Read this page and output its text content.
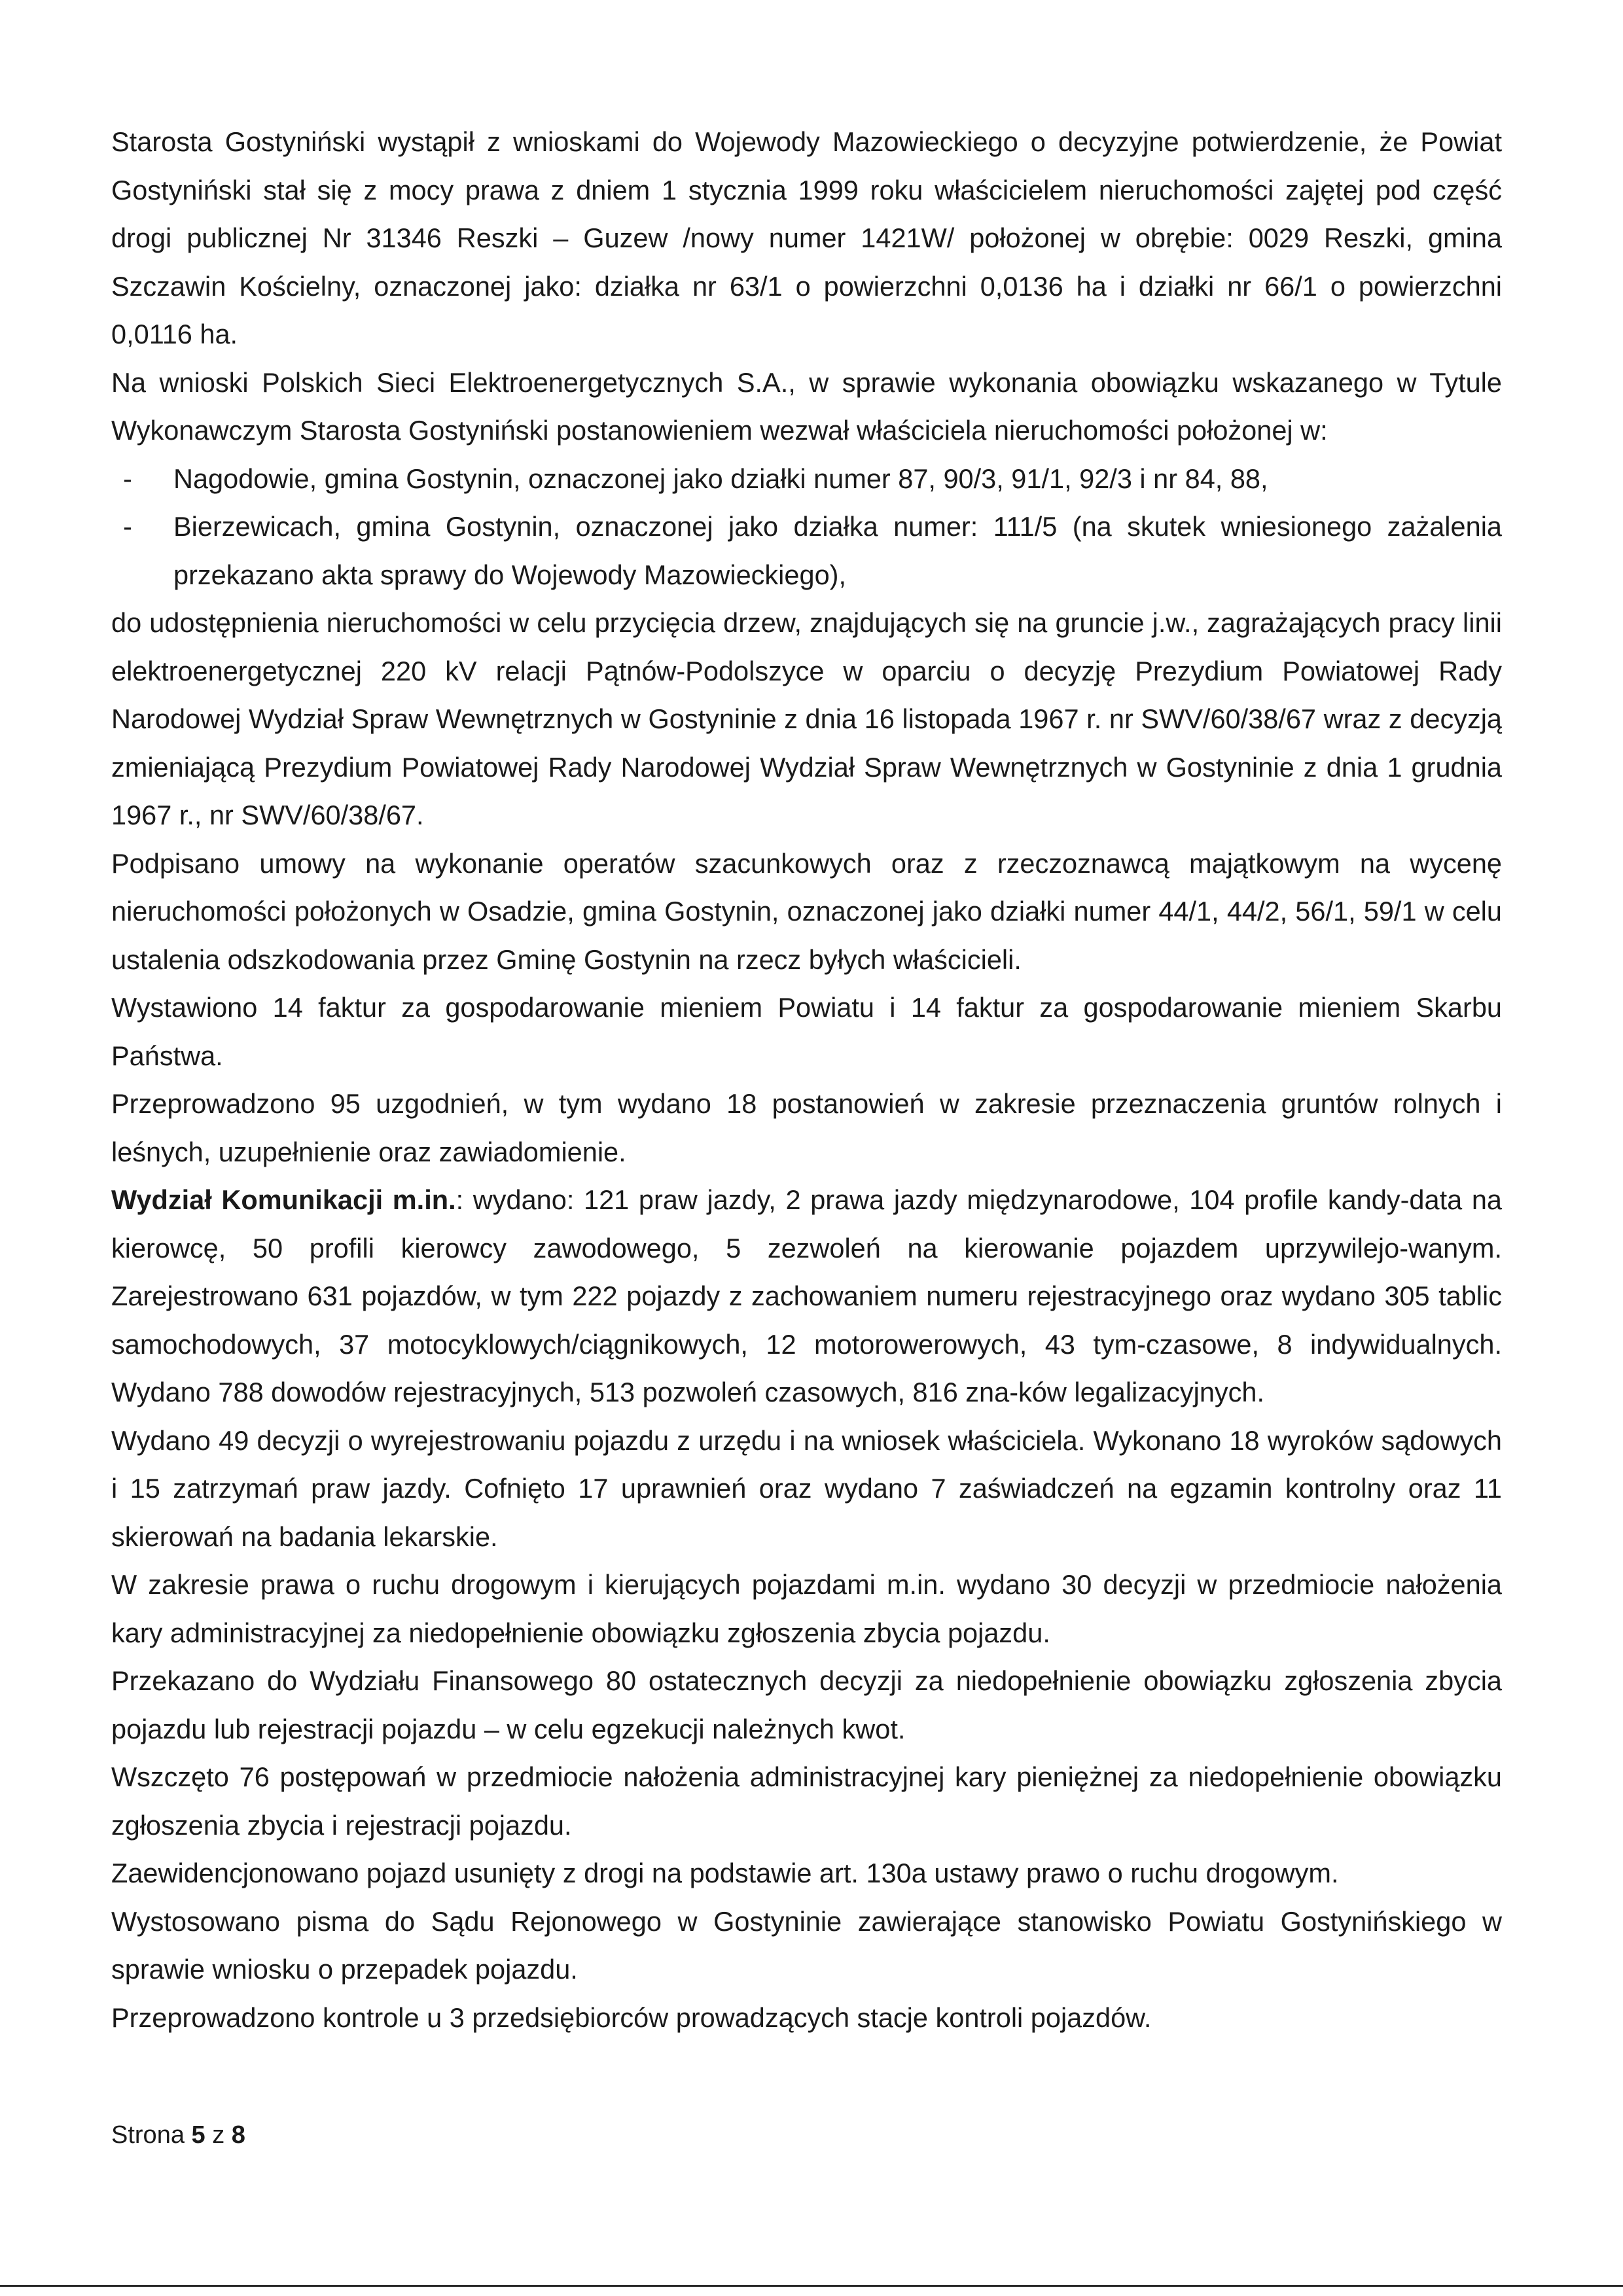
Starosta Gostyniński wystąpił z wnioskami do Wojewody Mazowieckiego o decyzyjne potwierdzenie, że Powiat Gostyniński stał się z mocy prawa z dniem 1 stycznia 1999 roku właścicielem nieruchomości zajętej pod część drogi publicznej Nr 31346 Reszki – Guzew /nowy numer 1421W/ położonej w obrębie: 0029 Reszki, gmina Szczawin Kościelny, oznaczonej jako: działka nr 63/1 o powierzchni 0,0136 ha i działki nr 66/1 o powierzchni 0,0116 ha.

Na wnioski Polskich Sieci Elektroenergetycznych S.A., w sprawie wykonania obowiązku wskazanego w Tytule Wykonawczym Starosta Gostyniński postanowieniem wezwał właściciela nieruchomości położonej w:

- Nagodowie, gmina Gostynin, oznaczonej jako działki numer 87, 90/3, 91/1, 92/3 i nr 84, 88,
- Bierzewicach, gmina Gostynin, oznaczonej jako działka numer: 111/5 (na skutek wniesionego zażalenia przekazano akta sprawy do Wojewody Mazowieckiego),

do udostępnienia nieruchomości w celu przycięcia drzew, znajdujących się na gruncie j.w., zagrażających pracy linii elektroenergetycznej 220 kV relacji Pątnów-Podolszyce w oparciu o decyzję Prezydium Powiatowej Rady Narodowej Wydział Spraw Wewnętrznych w Gostyninie z dnia 16 listopada 1967 r. nr SWV/60/38/67 wraz z decyzją zmieniającą Prezydium Powiatowej Rady Narodowej Wydział Spraw Wewnętrznych w Gostyninie z dnia 1 grudnia 1967 r., nr SWV/60/38/67.

Podpisano umowy na wykonanie operatów szacunkowych oraz z rzeczoznawcą majątkowym na wycenę nieruchomości położonych w Osadzie, gmina Gostynin, oznaczonej jako działki numer 44/1, 44/2, 56/1, 59/1 w celu ustalenia odszkodowania przez Gminę Gostynin na rzecz byłych właścicieli.

Wystawiono 14 faktur za gospodarowanie mieniem Powiatu i 14 faktur za gospodarowanie mieniem Skarbu Państwa.

Przeprowadzono 95 uzgodnień, w tym wydano 18 postanowień w zakresie przeznaczenia gruntów rolnych i leśnych, uzupełnienie oraz zawiadomienie.

Wydział Komunikacji m.in.: wydano: 121 praw jazdy, 2 prawa jazdy międzynarodowe, 104 profile kandy-data na kierowcę, 50 profili kierowcy zawodowego, 5 zezwoleń na kierowanie pojazdem uprzywilejo-wanym. Zarejestrowano 631 pojazdów, w tym 222 pojazdy z zachowaniem numeru rejestracyjnego oraz wydano 305 tablic samochodowych, 37 motocyklowych/ciągnikowych, 12 motorowerowych, 43 tym-czasowe, 8 indywidualnych. Wydano 788 dowodów rejestracyjnych, 513 pozwoleń czasowych, 816 zna-ków legalizacyjnych.

Wydano 49 decyzji o wyrejestrowaniu pojazdu z urzędu i na wniosek właściciela. Wykonano 18 wyroków sądowych i 15 zatrzymań praw jazdy. Cofnięto 17 uprawnień oraz wydano 7 zaświadczeń na egzamin kontrolny oraz 11 skierowań na badania lekarskie.

W zakresie prawa o ruchu drogowym i kierujących pojazdami m.in. wydano 30 decyzji w przedmiocie nałożenia kary administracyjnej za niedopełnienie obowiązku zgłoszenia zbycia pojazdu.

Przekazano do Wydziału Finansowego 80 ostatecznych decyzji za niedopełnienie obowiązku zgłoszenia zbycia pojazdu lub rejestracji pojazdu – w celu egzekucji należnych kwot.

Wszczęto 76 postępowań w przedmiocie nałożenia administracyjnej kary pieniężnej za niedopełnienie obowiązku zgłoszenia zbycia i rejestracji pojazdu.

Zaewidencjonowano pojazd usunięty z drogi na podstawie art. 130a ustawy prawo o ruchu drogowym.

Wystosowano pisma do Sądu Rejonowego w Gostyninie zawierające stanowisko Powiatu Gostynińskiego w sprawie wniosku o przepadek pojazdu.

Przeprowadzono kontrole u 3 przedsiębiorców prowadzących stacje kontroli pojazdów.

Strona 5 z 8
